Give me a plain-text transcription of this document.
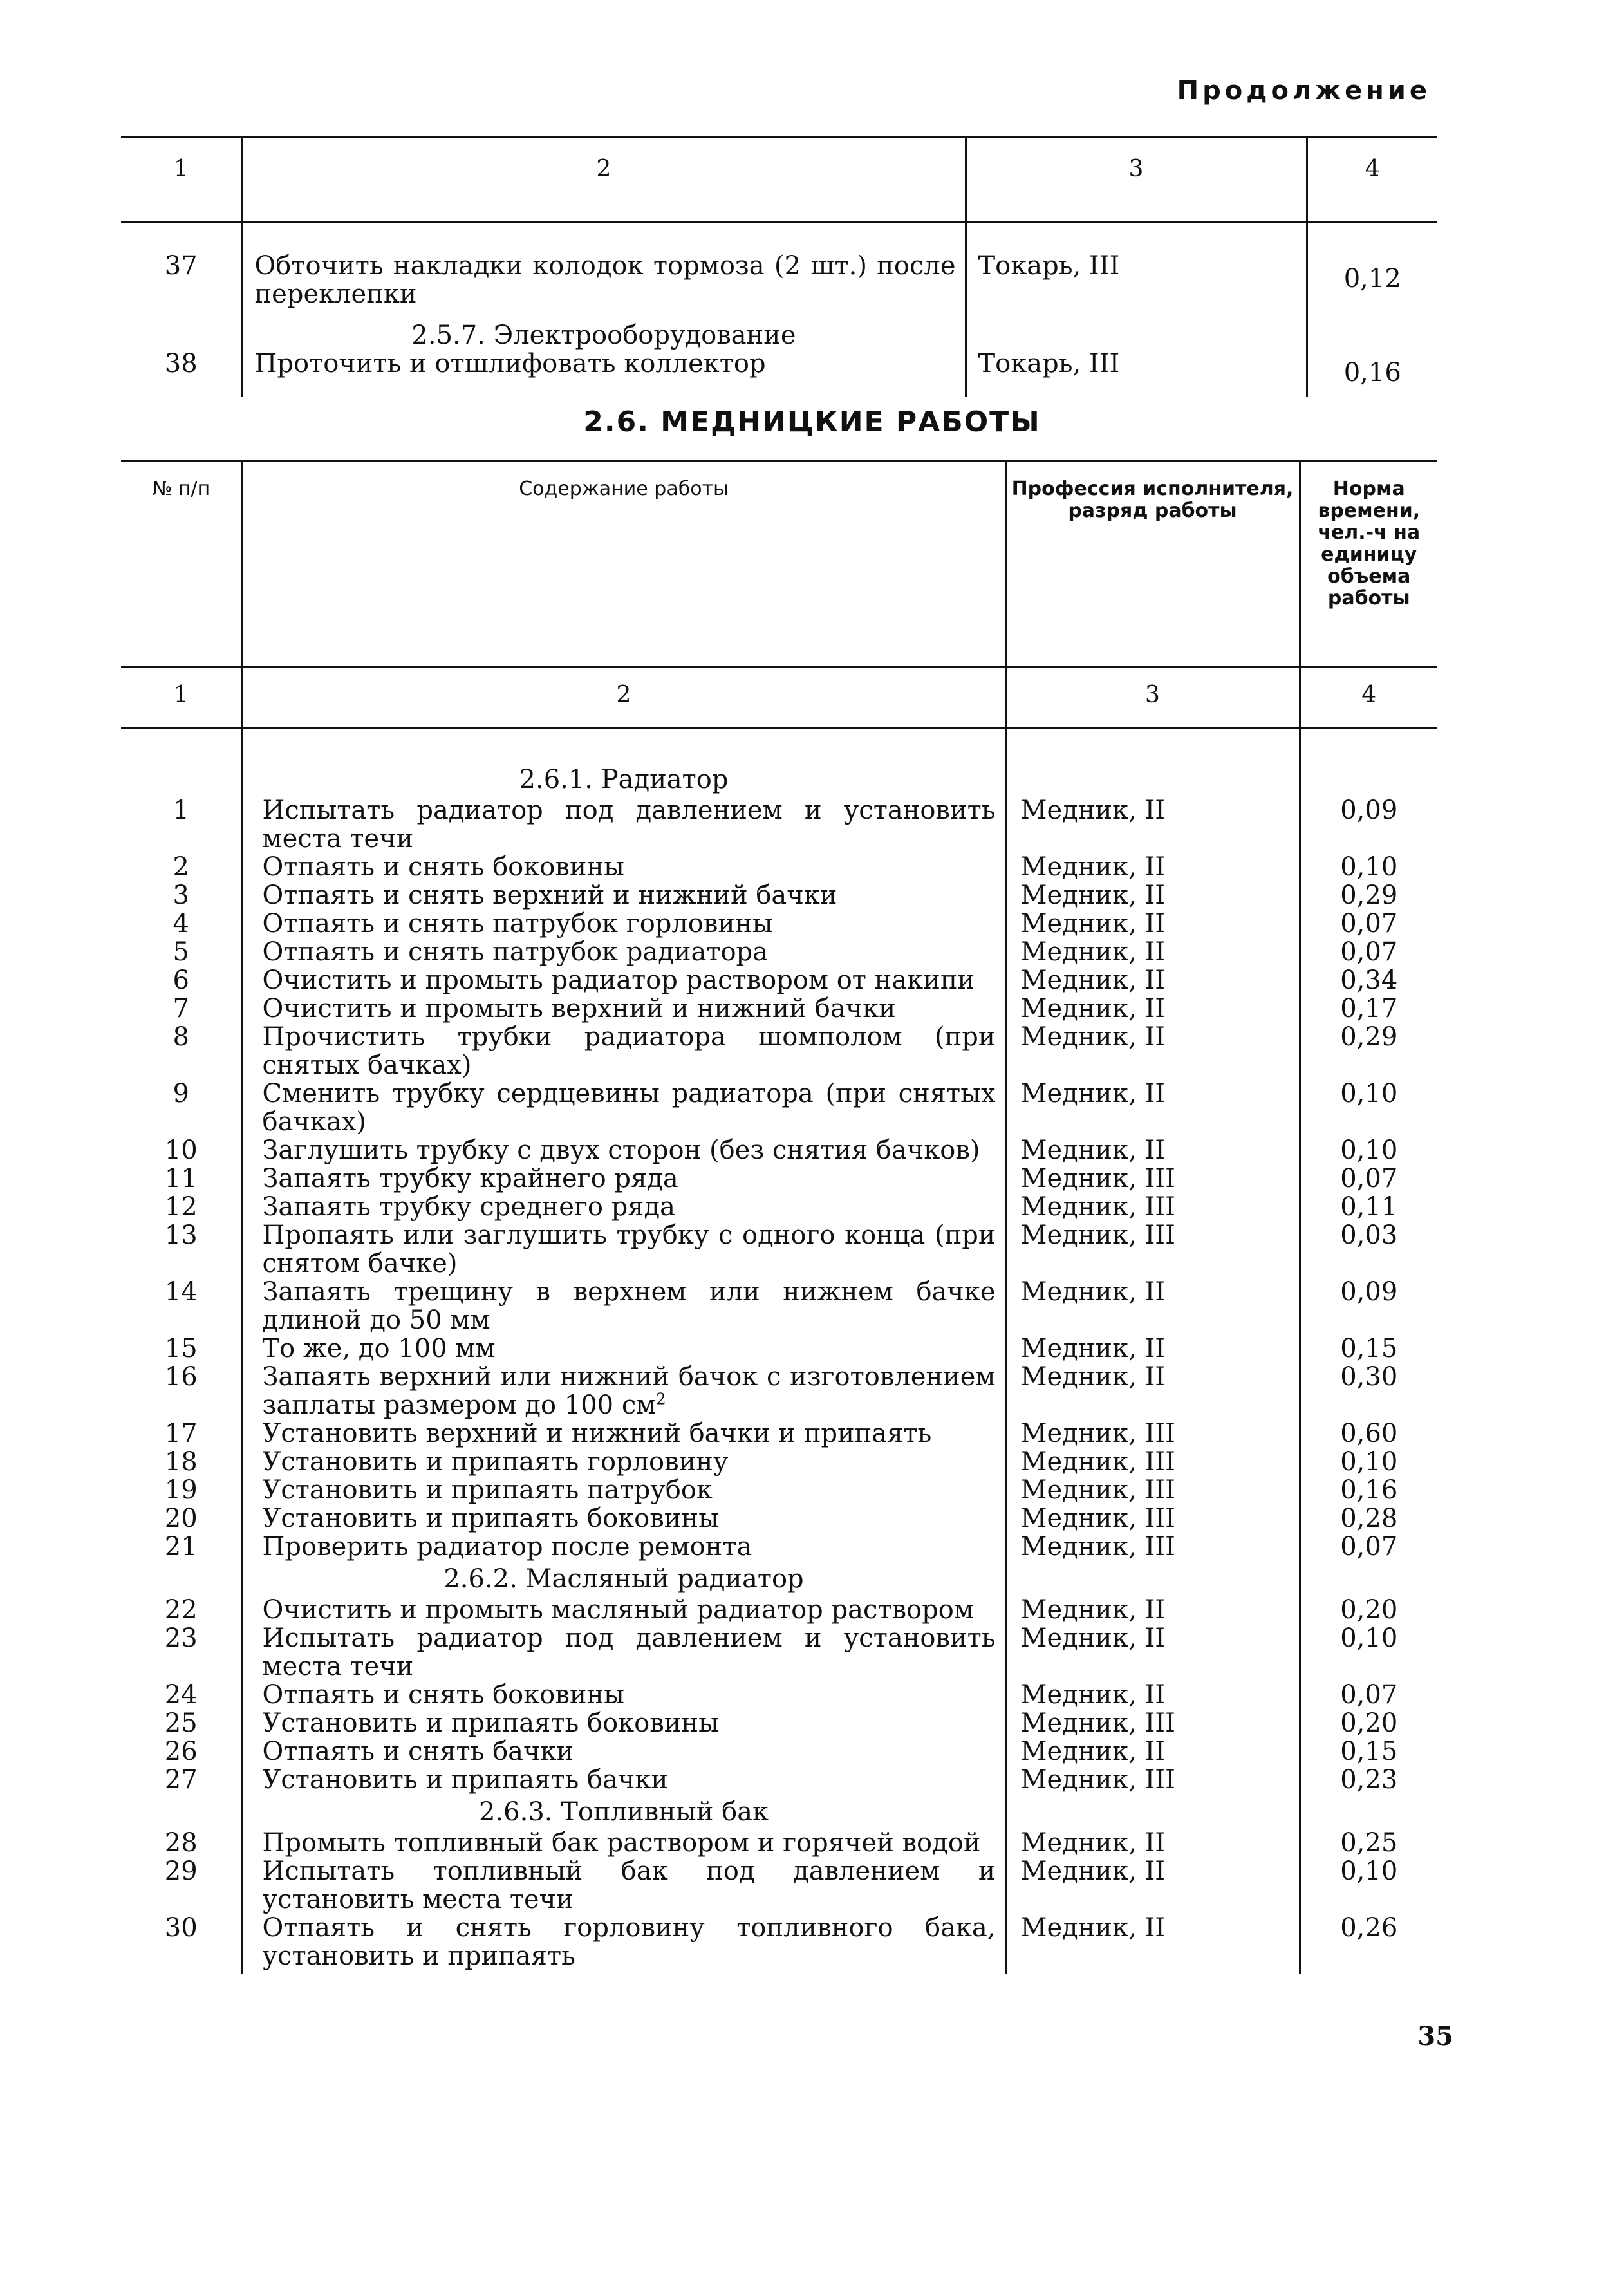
Продолжение
1	2	3	4
37	Обточить накладки колодок тормоза (2 шт.) после переклепки	Токарь, III	0,12
	2.5.7. Электрооборудование		
38	Проточить и отшлифовать коллектор	Токарь, III	0,16
2.6. МЕДНИЦКИЕ РАБОТЫ
№ п/п	Содержание работы	Профессия исполнителя, разряд работы	Норма времени, чел.-ч на единицу объема работы
1	2	3	4
	2.6.1. Радиатор		
1	Испытать радиатор под давлением и установить места течи	Медник, II	0,09
2	Отпаять и снять боковины	Медник, II	0,10
3	Отпаять и снять верхний и нижний бачки	Медник, II	0,29
4	Отпаять и снять патрубок горловины	Медник, II	0,07
5	Отпаять и снять патрубок радиатора	Медник, II	0,07
6	Очистить и промыть радиатор раствором от накипи	Медник, II	0,34
7	Очистить и промыть верхний и нижний бачки	Медник, II	0,17
8	Прочистить трубки радиатора шомполом (при снятых бачках)	Медник, II	0,29
9	Сменить трубку сердцевины радиатора (при снятых бачках)	Медник, II	0,10
10	Заглушить трубку с двух сторон (без снятия бачков)	Медник, II	0,10
11	Запаять трубку крайнего ряда	Медник, III	0,07
12	Запаять трубку среднего ряда	Медник, III	0,11
13	Пропаять или заглушить трубку с одного конца (при снятом бачке)	Медник, III	0,03
14	Запаять трещину в верхнем или нижнем бачке длиной до 50 мм	Медник, II	0,09
15	То же, до 100 мм	Медник, II	0,15
16	Запаять верхний или нижний бачок с изготовлением заплаты размером до 100 $см^2$	Медник, II	0,30
17	Установить верхний и нижний бачки и припаять	Медник, III	0,60
18	Установить и припаять горловину	Медник, III	0,10
19	Установить и припаять патрубок	Медник, III	0,16
20	Установить и припаять боковины	Медник, III	0,28
21	Проверить радиатор после ремонта	Медник, III	0,07
	2.6.2. Масляный радиатор		
22	Очистить и промыть масляный радиатор раствором	Медник, II	0,20
23	Испытать радиатор под давлением и установить места течи	Медник, II	0,10
24	Отпаять и снять боковины	Медник, II	0,07
25	Установить и припаять боковины	Медник, III	0,20
26	Отпаять и снять бачки	Медник, II	0,15
27	Установить и припаять бачки	Медник, III	0,23
	2.6.3. Топливный бак		
28	Промыть топливный бак раствором и горячей водой	Медник, II	0,25
29	Испытать топливный бак под давлением и установить места течи	Медник, II	0,10
30	Отпаять и снять горловину топливного бака, установить и припаять	Медник, II	0,26
35
